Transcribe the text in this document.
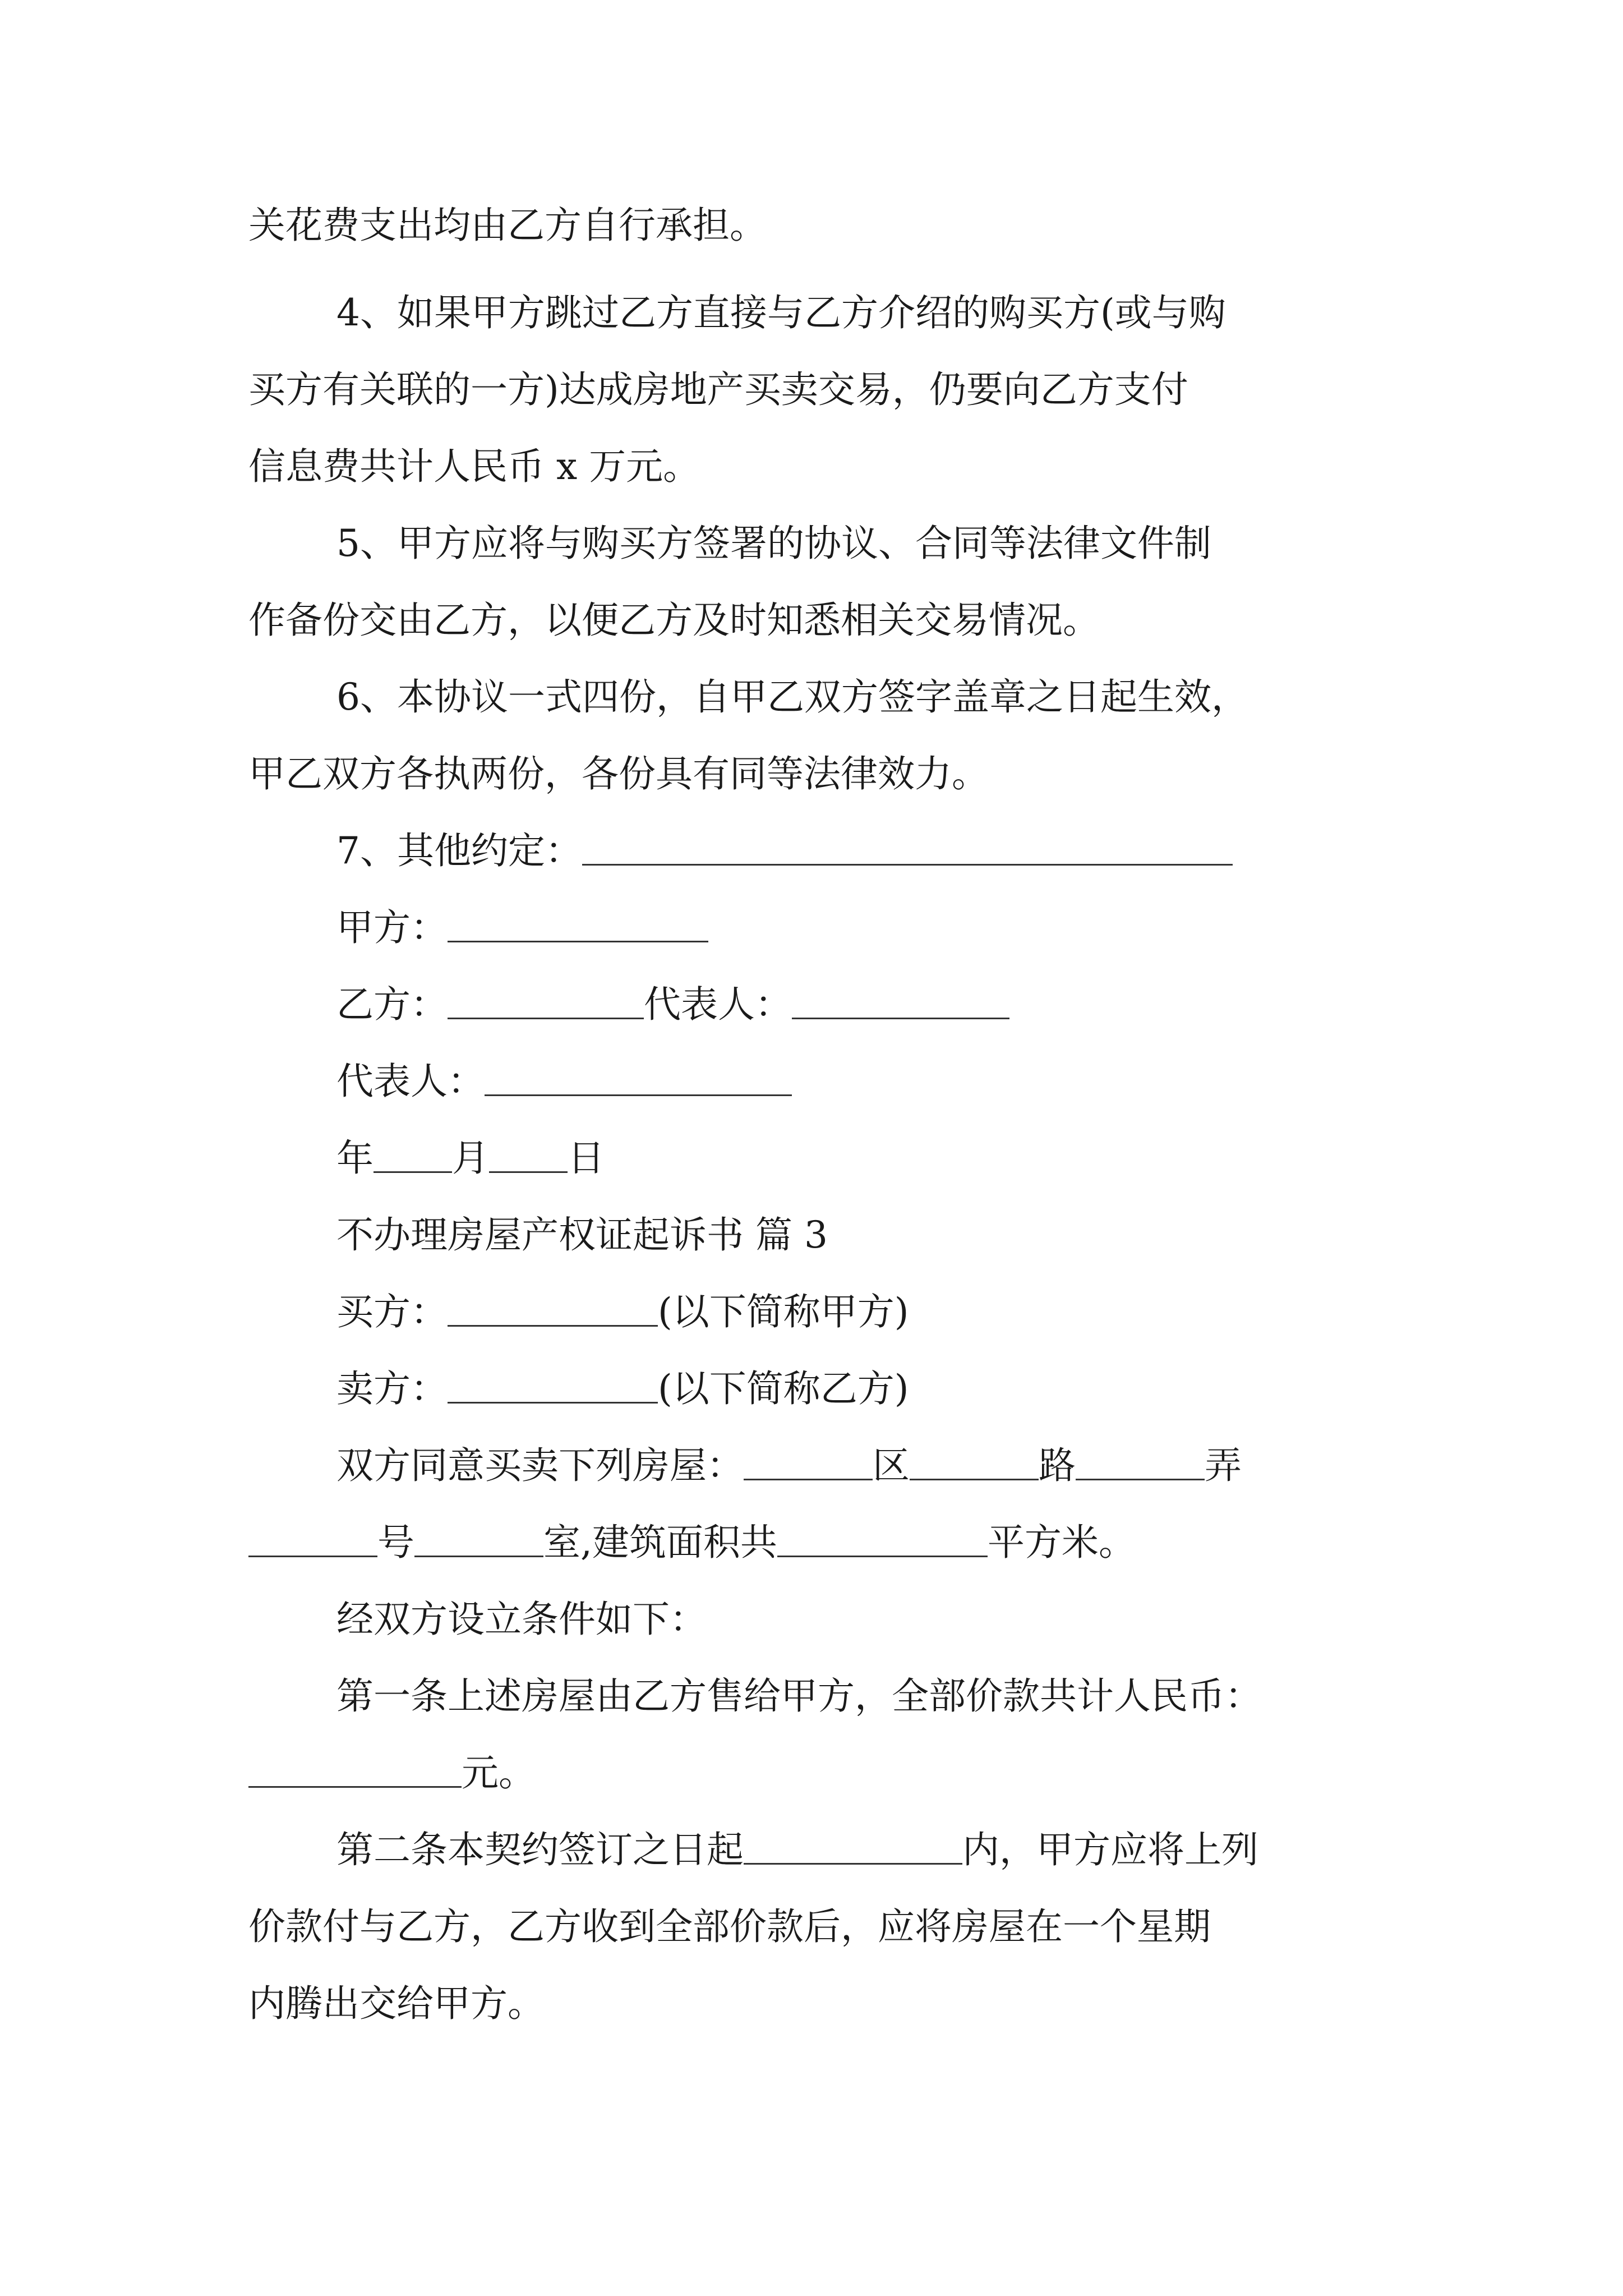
关花费支出均由乙方自行承担。
4、如果甲方跳过乙方直接与乙方介绍的购买方(或与购
买方有关联的一方)达成房地产买卖交易，仍要向乙方支付
信息费共计人民币 x 万元。
5、甲方应将与购买方签署的协议、合同等法律文件制
作备份交由乙方，以便乙方及时知悉相关交易情况。
6、本协议一式四份，自甲乙双方签字盖章之日起生效，
甲乙双方各执两份，各份具有同等法律效力。
7、其他约定：
甲方：
乙方：	代表人：
代表人：
年 月 日
不办理房屋产权证起诉书 篇 3
买方：	(以下简称甲方)
卖方：	(以下简称乙方)
双方同意买卖下列房屋：	区	路	弄
号	室,建筑面积共	平方米。
经双方设立条件如下：
第一条上述房屋由乙方售给甲方，全部价款共计人民币：
元。
第二条本契约签订之日起	内，甲方应将上列
价款付与乙方，乙方收到全部价款后，应将房屋在一个星期
内腾出交给甲方。
